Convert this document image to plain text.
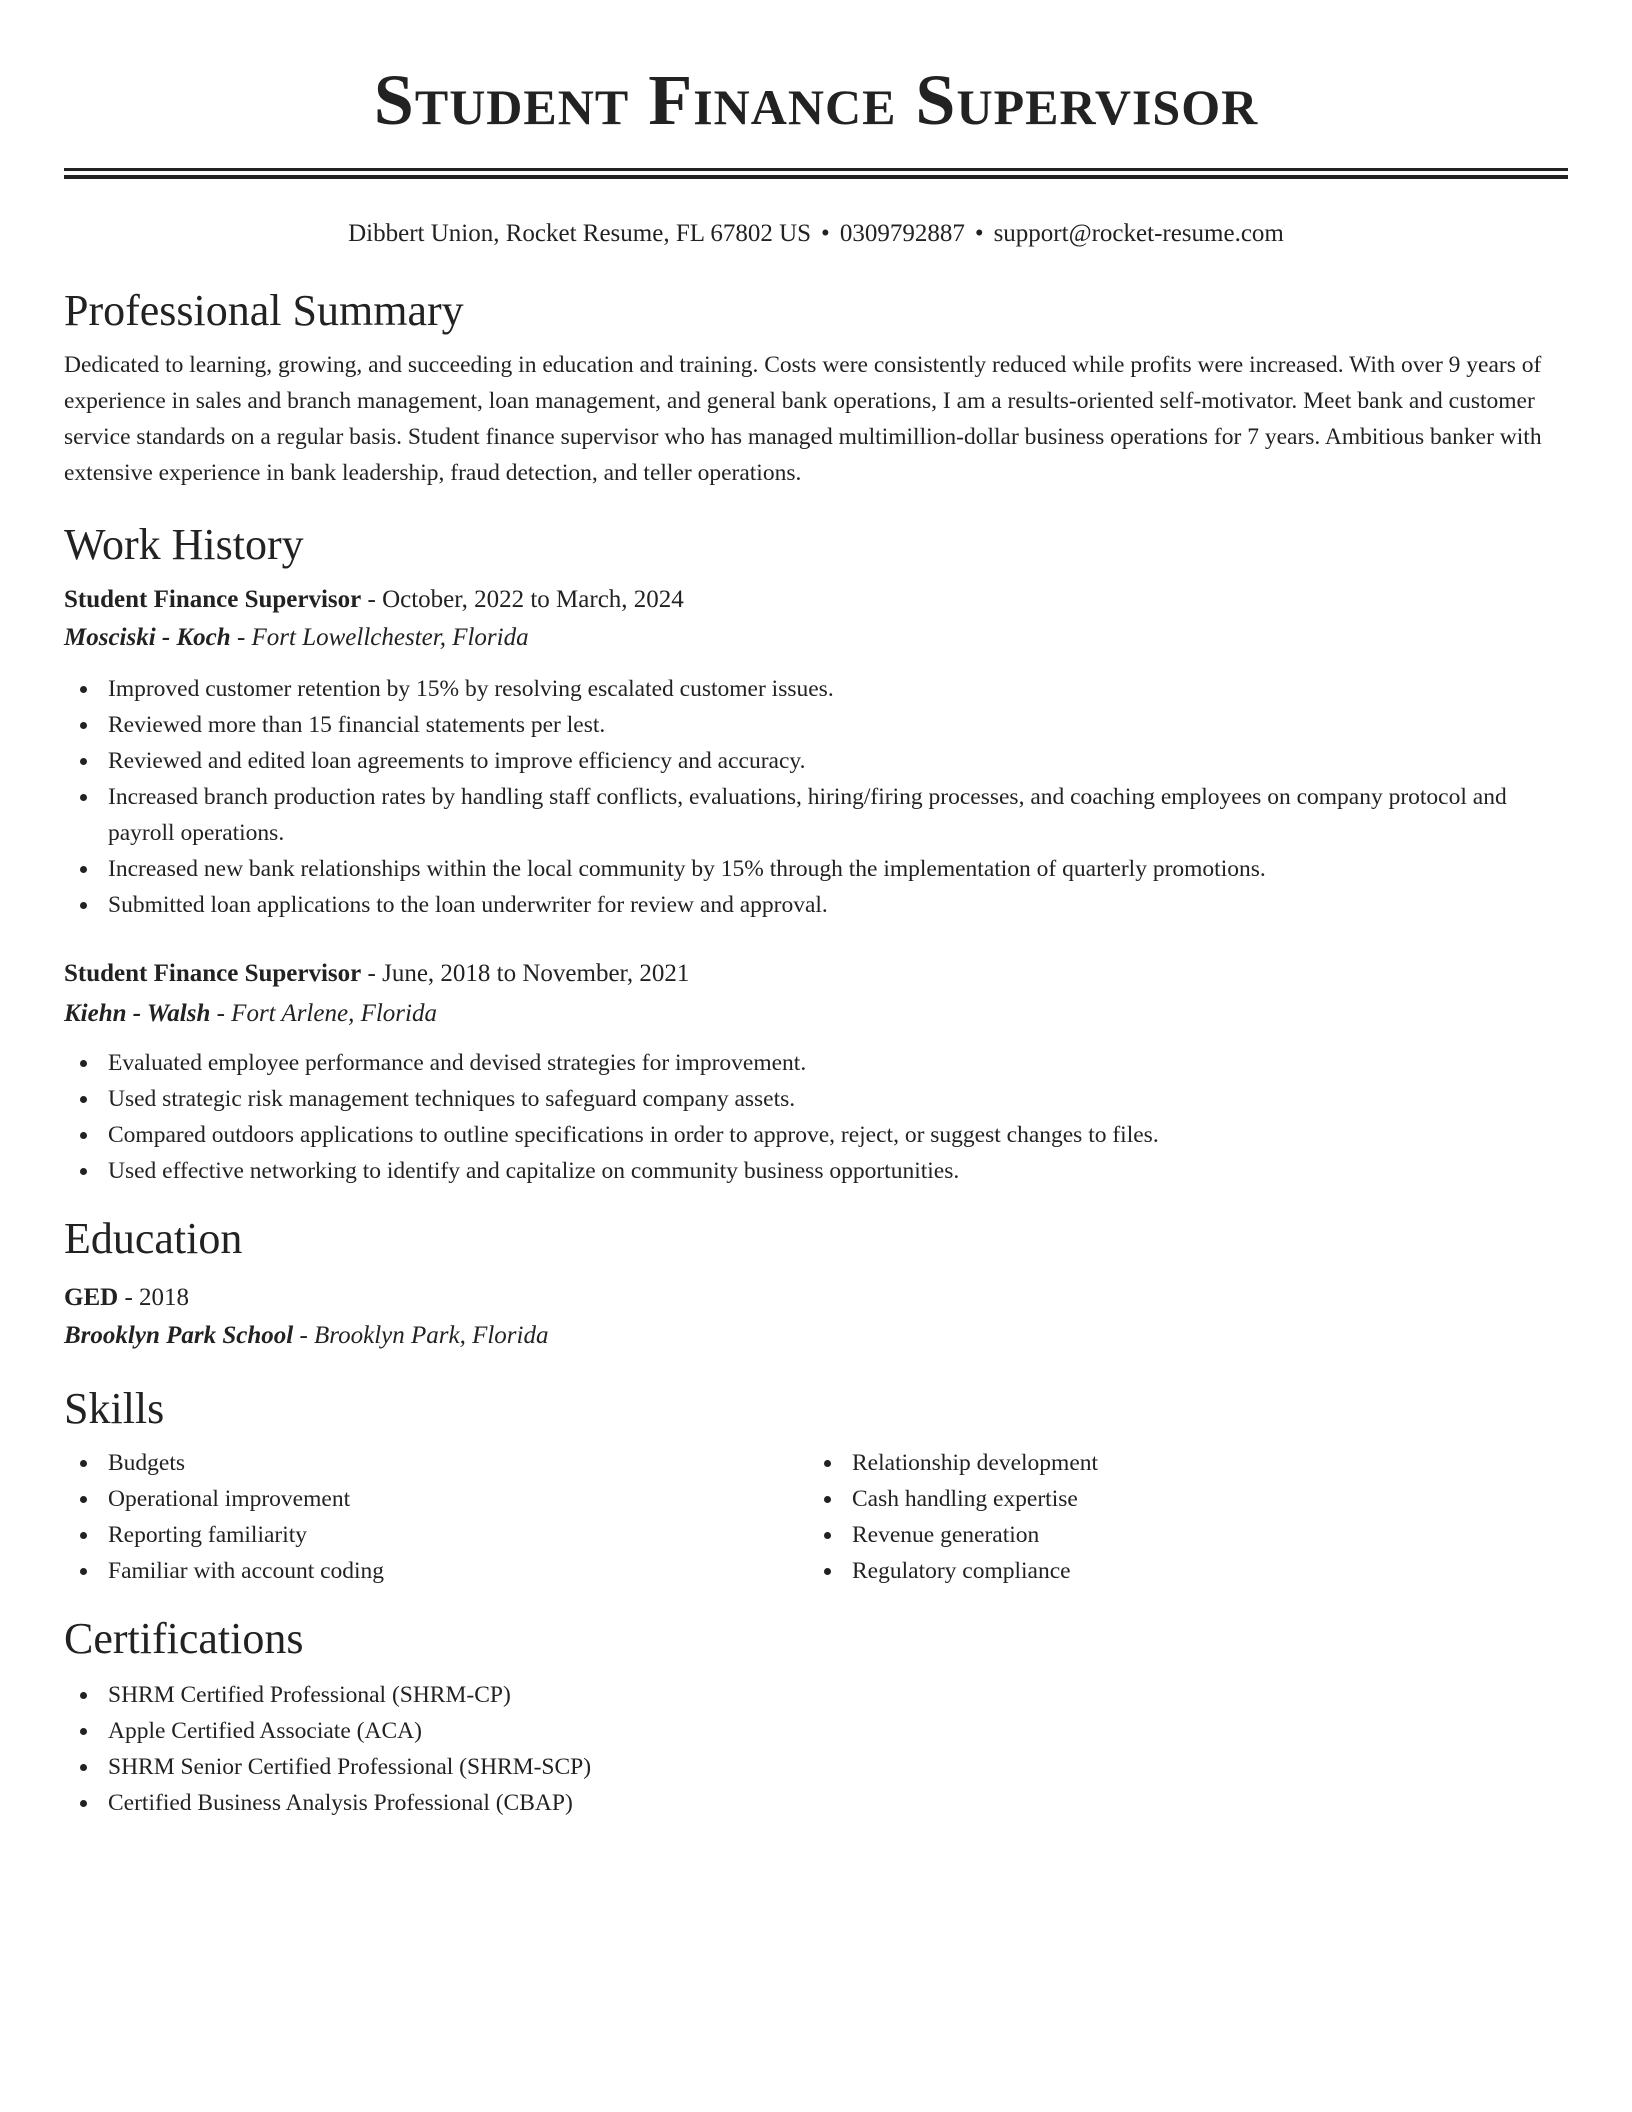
Student Finance Supervisor
Dibbert Union, Rocket Resume, FL 67802 US • 0309792887 • support@rocket-resume.com
Professional Summary

Dedicated to learning, growing, and succeeding in education and training. Costs were consistently reduced while profits were increased. With over 9 years of experience in sales and branch management, loan management, and general bank operations, I am a results-oriented self-motivator. Meet bank and customer service standards on a regular basis. Student finance supervisor who has managed multimillion-dollar business operations for 7 years. Ambitious banker with extensive experience in bank leadership, fraud detection, and teller operations.

Work History
Student Finance Supervisor - October, 2022 to March, 2024
Mosciski - Koch - Fort Lowellchester, Florida
Improved customer retention by 15% by resolving escalated customer issues.
Reviewed more than 15 financial statements per lest.
Reviewed and edited loan agreements to improve efficiency and accuracy.
Increased branch production rates by handling staff conflicts, evaluations, hiring/firing processes, and coaching employees on company protocol and payroll operations.
Increased new bank relationships within the local community by 15% through the implementation of quarterly promotions.
Submitted loan applications to the loan underwriter for review and approval.
Student Finance Supervisor - June, 2018 to November, 2021
Kiehn - Walsh - Fort Arlene, Florida
Evaluated employee performance and devised strategies for improvement.
Used strategic risk management techniques to safeguard company assets.
Compared outdoors applications to outline specifications in order to approve, reject, or suggest changes to files.
Used effective networking to identify and capitalize on community business opportunities.
Education
GED - 2018
Brooklyn Park School - Brooklyn Park, Florida
Skills
Budgets
Operational improvement
Reporting familiarity
Familiar with account coding
Relationship development
Cash handling expertise
Revenue generation
Regulatory compliance
Certifications
SHRM Certified Professional (SHRM-CP)
Apple Certified Associate (ACA)
SHRM Senior Certified Professional (SHRM-SCP)
Certified Business Analysis Professional (CBAP)
